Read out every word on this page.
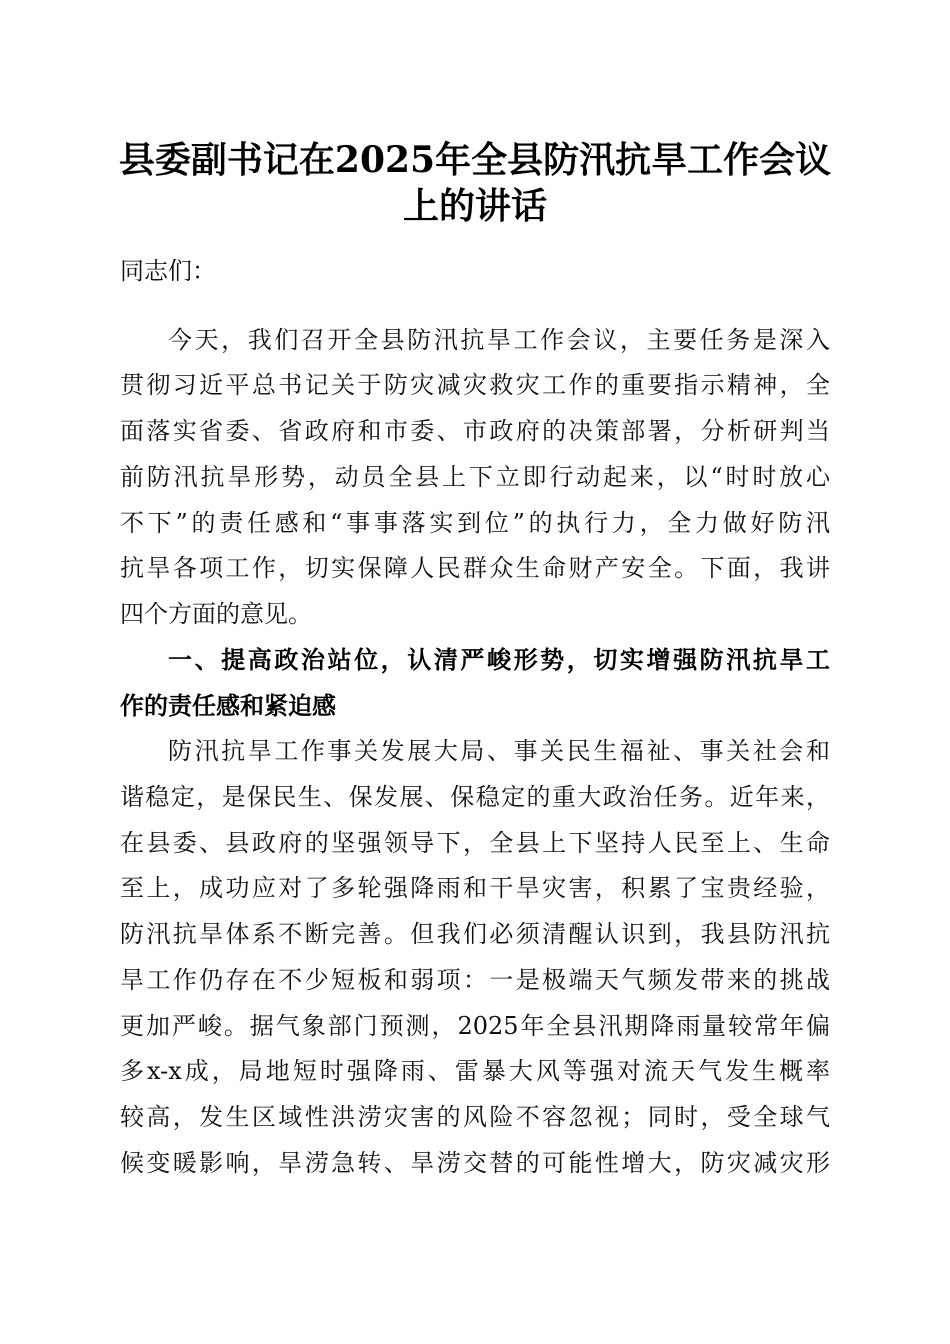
县委副书记在2025年全县防汛抗旱工作会议
上的讲话

同志们：

今天，我们召开全县防汛抗旱工作会议，主要任务是深入

贯彻习近平总书记关于防灾减灾救灾工作的重要指示精神，全

面落实省委、省政府和市委、市政府的决策部署，分析研判当

前防汛抗旱形势，动员全县上下立即行动起来，以“时时放心

不下”的责任感和“事事落实到位”的执行力，全力做好防汛

抗旱各项工作，切实保障人民群众生命财产安全。下面，我讲

四个方面的意见。

一、提高政治站位，认清严峻形势，切实增强防汛抗旱工

作的责任感和紧迫感

防汛抗旱工作事关发展大局、事关民生福祉、事关社会和

谐稳定，是保民生、保发展、保稳定的重大政治任务。近年来，

在县委、县政府的坚强领导下，全县上下坚持人民至上、生命

至上，成功应对了多轮强降雨和干旱灾害，积累了宝贵经验，

防汛抗旱体系不断完善。但我们必须清醒认识到，我县防汛抗

旱工作仍存在不少短板和弱项：一是极端天气频发带来的挑战

更加严峻。据气象部门预测，2025年全县汛期降雨量较常年偏

多x-x成，局地短时强降雨、雷暴大风等强对流天气发生概率

较高，发生区域性洪涝灾害的风险不容忽视；同时，受全球气

候变暖影响，旱涝急转、旱涝交替的可能性增大，防灾减灾形
